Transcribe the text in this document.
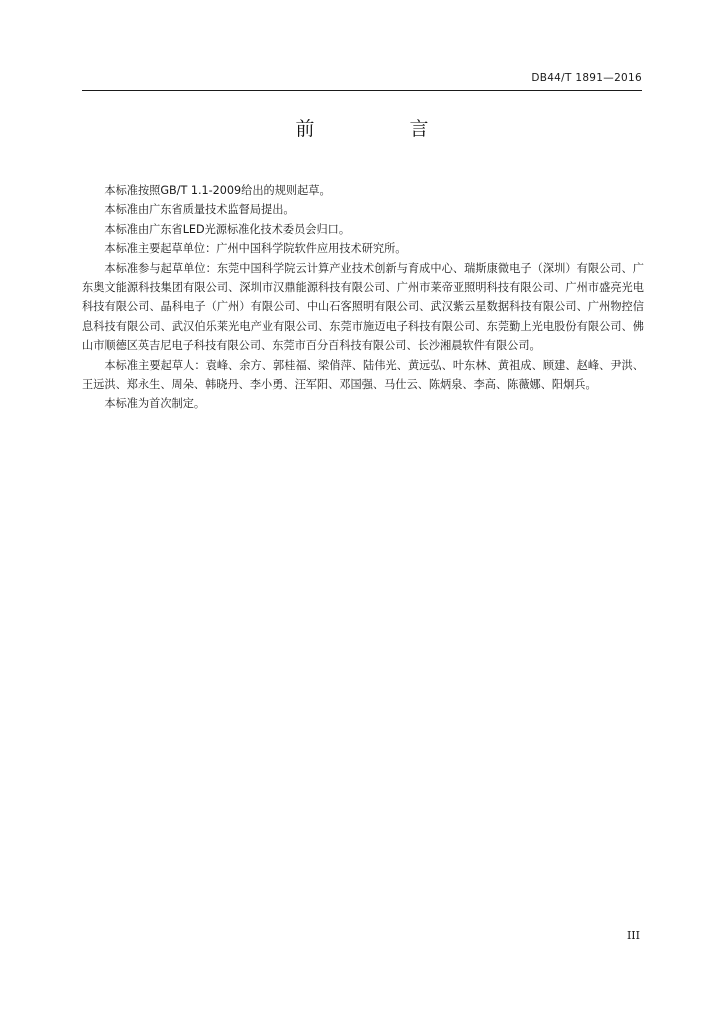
DB44/T 1891—2016
前　言

本标准按照GB/T 1.1-2009给出的规则起草。

本标准由广东省质量技术监督局提出。

本标准由广东省LED光源标准化技术委员会归口。

本标准主要起草单位：广州中国科学院软件应用技术研究所。

本标准参与起草单位：东莞中国科学院云计算产业技术创新与育成中心、瑞斯康微电子（深圳）有限公司、广东奥文能源科技集团有限公司、深圳市汉鼎能源科技有限公司、广州市莱帝亚照明科技有限公司、广州市盛亮光电科技有限公司、晶科电子（广州）有限公司、中山石客照明有限公司、武汉紫云星数据科技有限公司、广州物控信息科技有限公司、武汉伯乐莱光电产业有限公司、东莞市施迈电子科技有限公司、东莞勤上光电股份有限公司、佛山市顺德区英吉尼电子科技有限公司、东莞市百分百科技有限公司、长沙湘晨软件有限公司。

本标准主要起草人：袁峰、余方、郭桂福、梁俏萍、陆伟光、黄远弘、叶东林、黄祖成、顾建、赵峰、尹洪、王远洪、郑永生、周朵、韩晓丹、李小勇、汪军阳、邓国强、马仕云、陈炳泉、李高、陈薇娜、阳炯兵。

本标准为首次制定。

III
